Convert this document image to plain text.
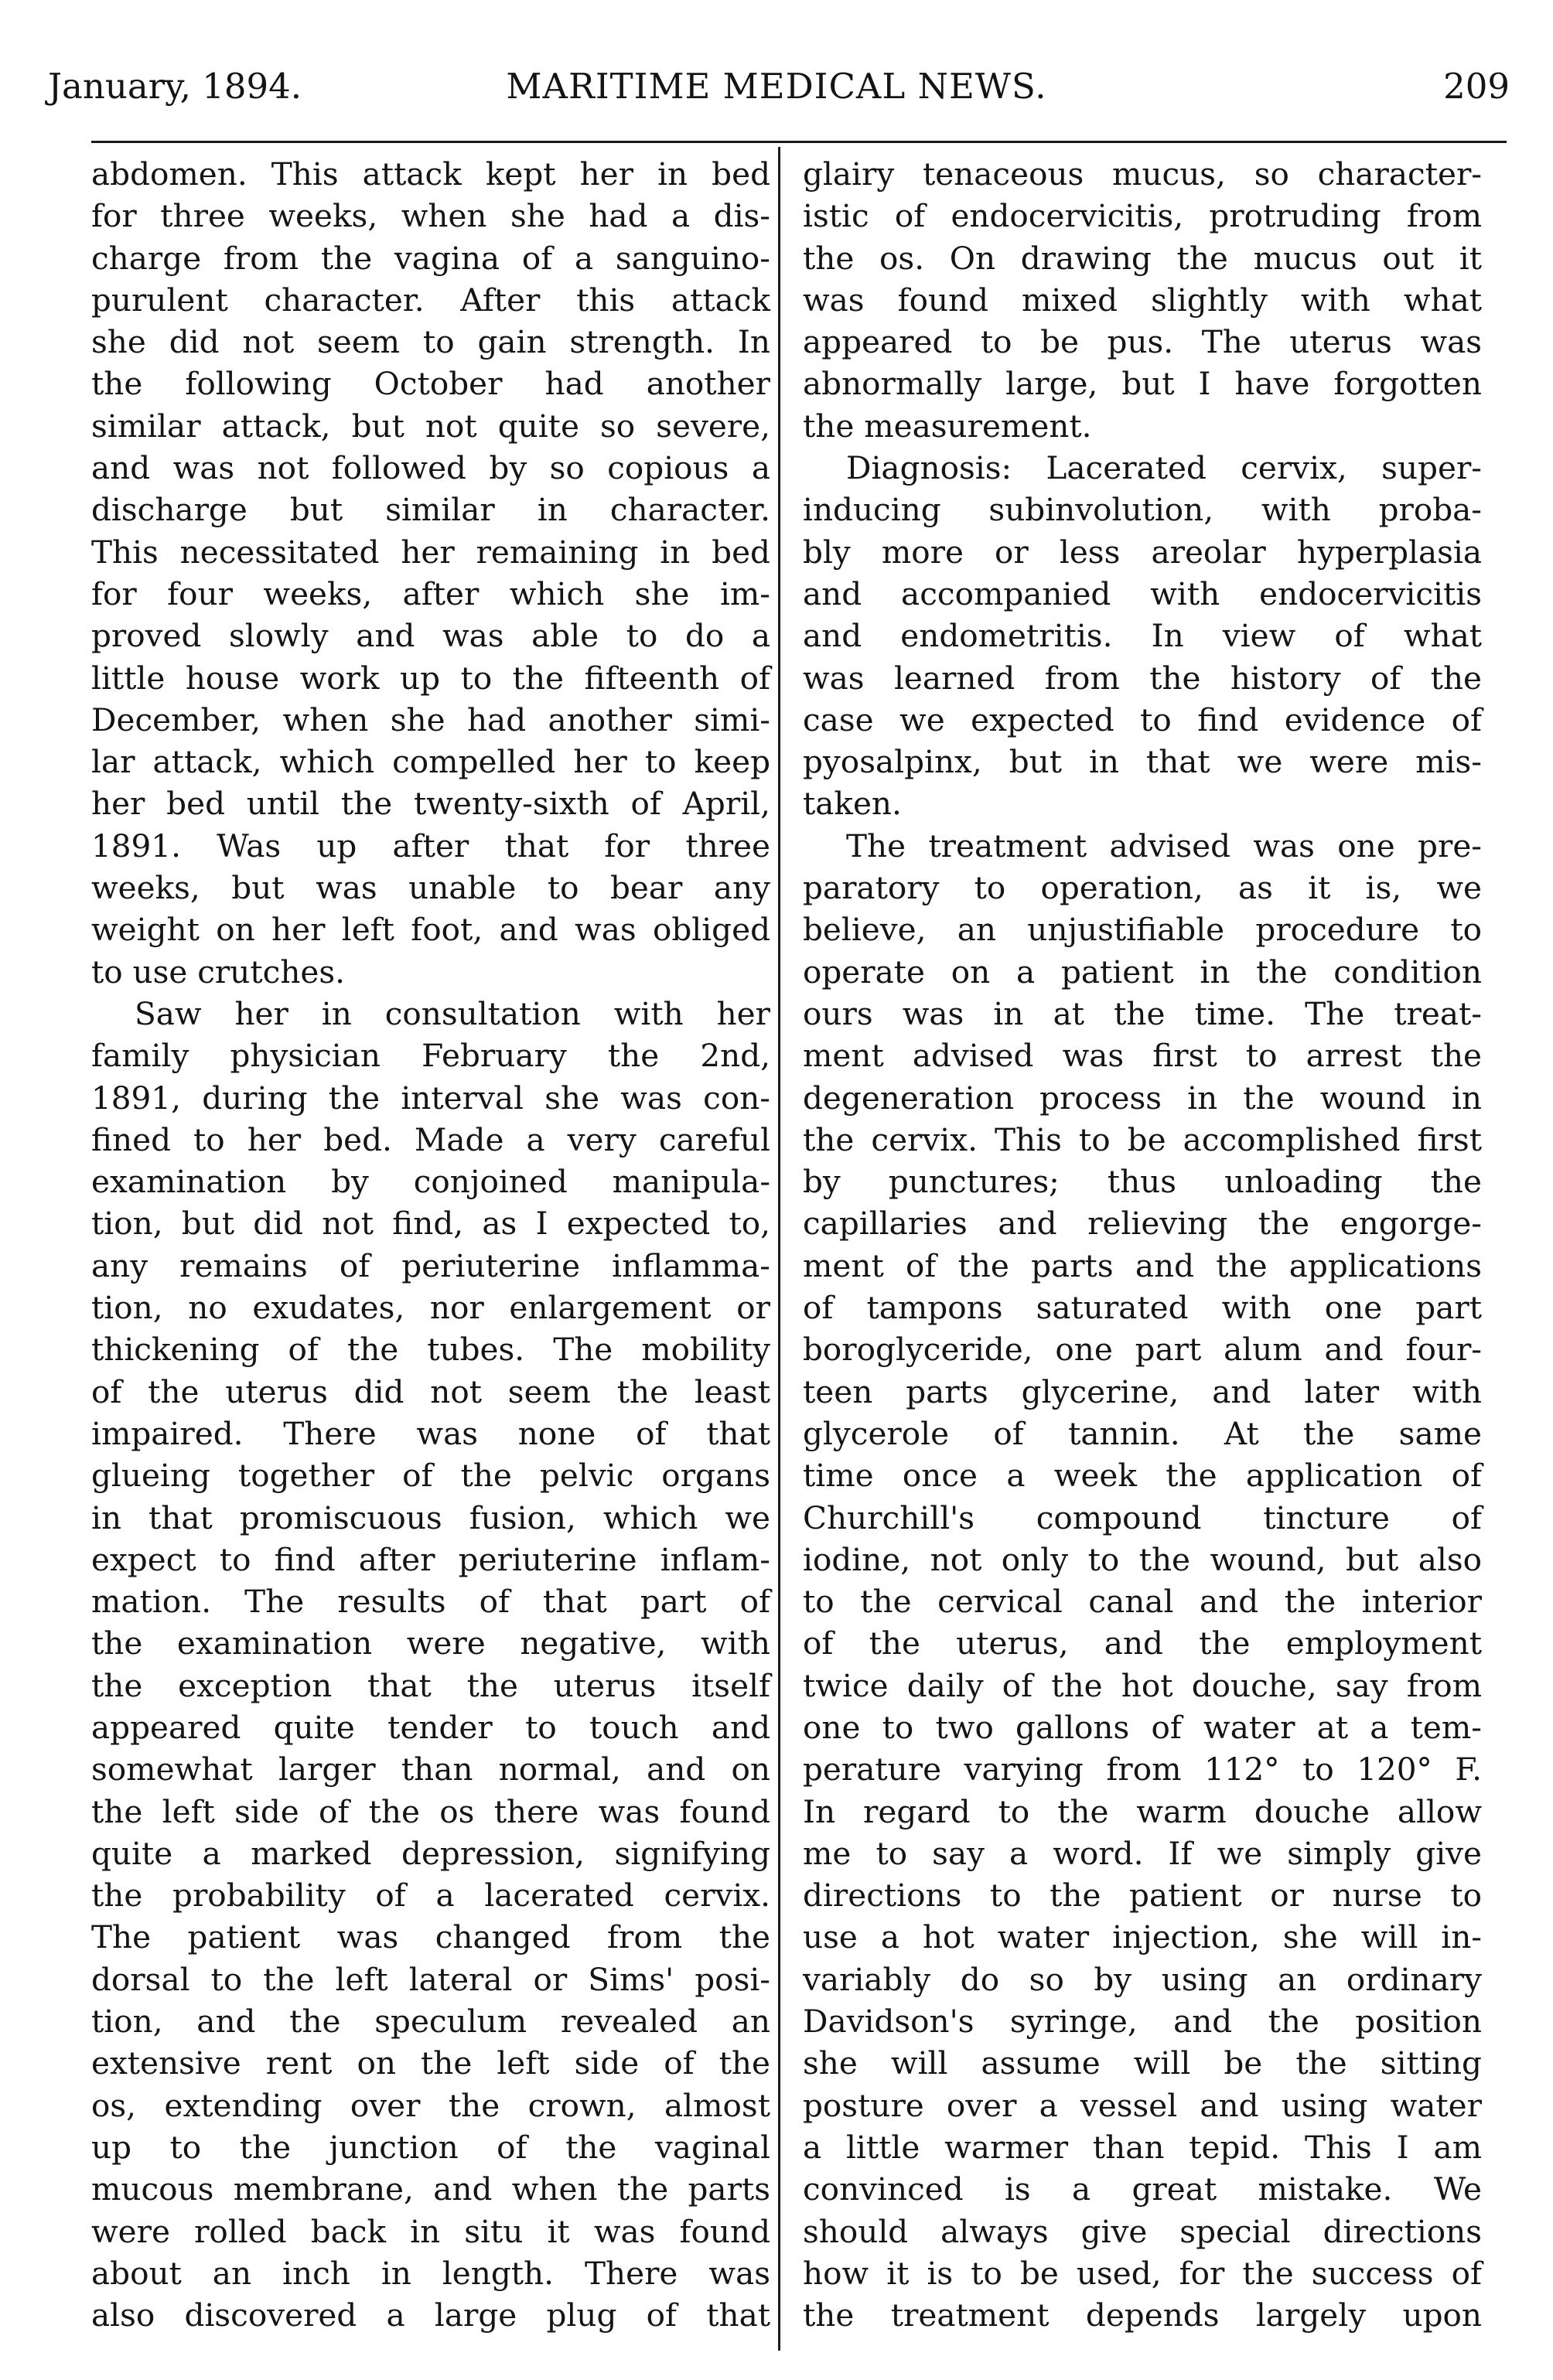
January, 1894.	MARITIME MEDICAL NEWS.	209
abdomen. This attack kept her in bed
for three weeks, when she had a dis-
charge from the vagina of a sanguino-
purulent character. After this attack
she did not seem to gain strength. In
the following October had another
similar attack, but not quite so severe,
and was not followed by so copious a
discharge but similar in character.
This necessitated her remaining in bed
for four weeks, after which she im-
proved slowly and was able to do a
little house work up to the fifteenth of
December, when she had another simi-
lar attack, which compelled her to keep
her bed until the twenty-sixth of April,
1891. Was up after that for three
weeks, but was unable to bear any
weight on her left foot, and was obliged
to use crutches.
Saw her in consultation with her
family physician February the 2nd,
1891, during the interval she was con-
fined to her bed. Made a very careful
examination by conjoined manipula-
tion, but did not find, as I expected to,
any remains of periuterine inflamma-
tion, no exudates, nor enlargement or
thickening of the tubes. The mobility
of the uterus did not seem the least
impaired. There was none of that
glueing together of the pelvic organs
in that promiscuous fusion, which we
expect to find after periuterine inflam-
mation. The results of that part of
the examination were negative, with
the exception that the uterus itself
appeared quite tender to touch and
somewhat larger than normal, and on
the left side of the os there was found
quite a marked depression, signifying
the probability of a lacerated cervix.
The patient was changed from the
dorsal to the left lateral or Sims' posi-
tion, and the speculum revealed an
extensive rent on the left side of the
os, extending over the crown, almost
up to the junction of the vaginal
mucous membrane, and when the parts
were rolled back in situ it was found
about an inch in length. There was
also discovered a large plug of that
glairy tenaceous mucus, so character-
istic of endocervicitis, protruding from
the os. On drawing the mucus out it
was found mixed slightly with what
appeared to be pus. The uterus was
abnormally large, but I have forgotten
the measurement.
Diagnosis: Lacerated cervix, super-
inducing subinvolution, with proba-
bly more or less areolar hyperplasia
and accompanied with endocervicitis
and endometritis. In view of what
was learned from the history of the
case we expected to find evidence of
pyosalpinx, but in that we were mis-
taken.
The treatment advised was one pre-
paratory to operation, as it is, we
believe, an unjustifiable procedure to
operate on a patient in the condition
ours was in at the time. The treat-
ment advised was first to arrest the
degeneration process in the wound in
the cervix. This to be accomplished first
by punctures; thus unloading the
capillaries and relieving the engorge-
ment of the parts and the applications
of tampons saturated with one part
boroglyceride, one part alum and four-
teen parts glycerine, and later with
glycerole of tannin. At the same
time once a week the application of
Churchill's compound tincture of
iodine, not only to the wound, but also
to the cervical canal and the interior
of the uterus, and the employment
twice daily of the hot douche, say from
one to two gallons of water at a tem-
perature varying from 112° to 120° F.
In regard to the warm douche allow
me to say a word. If we simply give
directions to the patient or nurse to
use a hot water injection, she will in-
variably do so by using an ordinary
Davidson's syringe, and the position
she will assume will be the sitting
posture over a vessel and using water
a little warmer than tepid. This I am
convinced is a great mistake. We
should always give special directions
how it is to be used, for the success of
the treatment depends largely upon
